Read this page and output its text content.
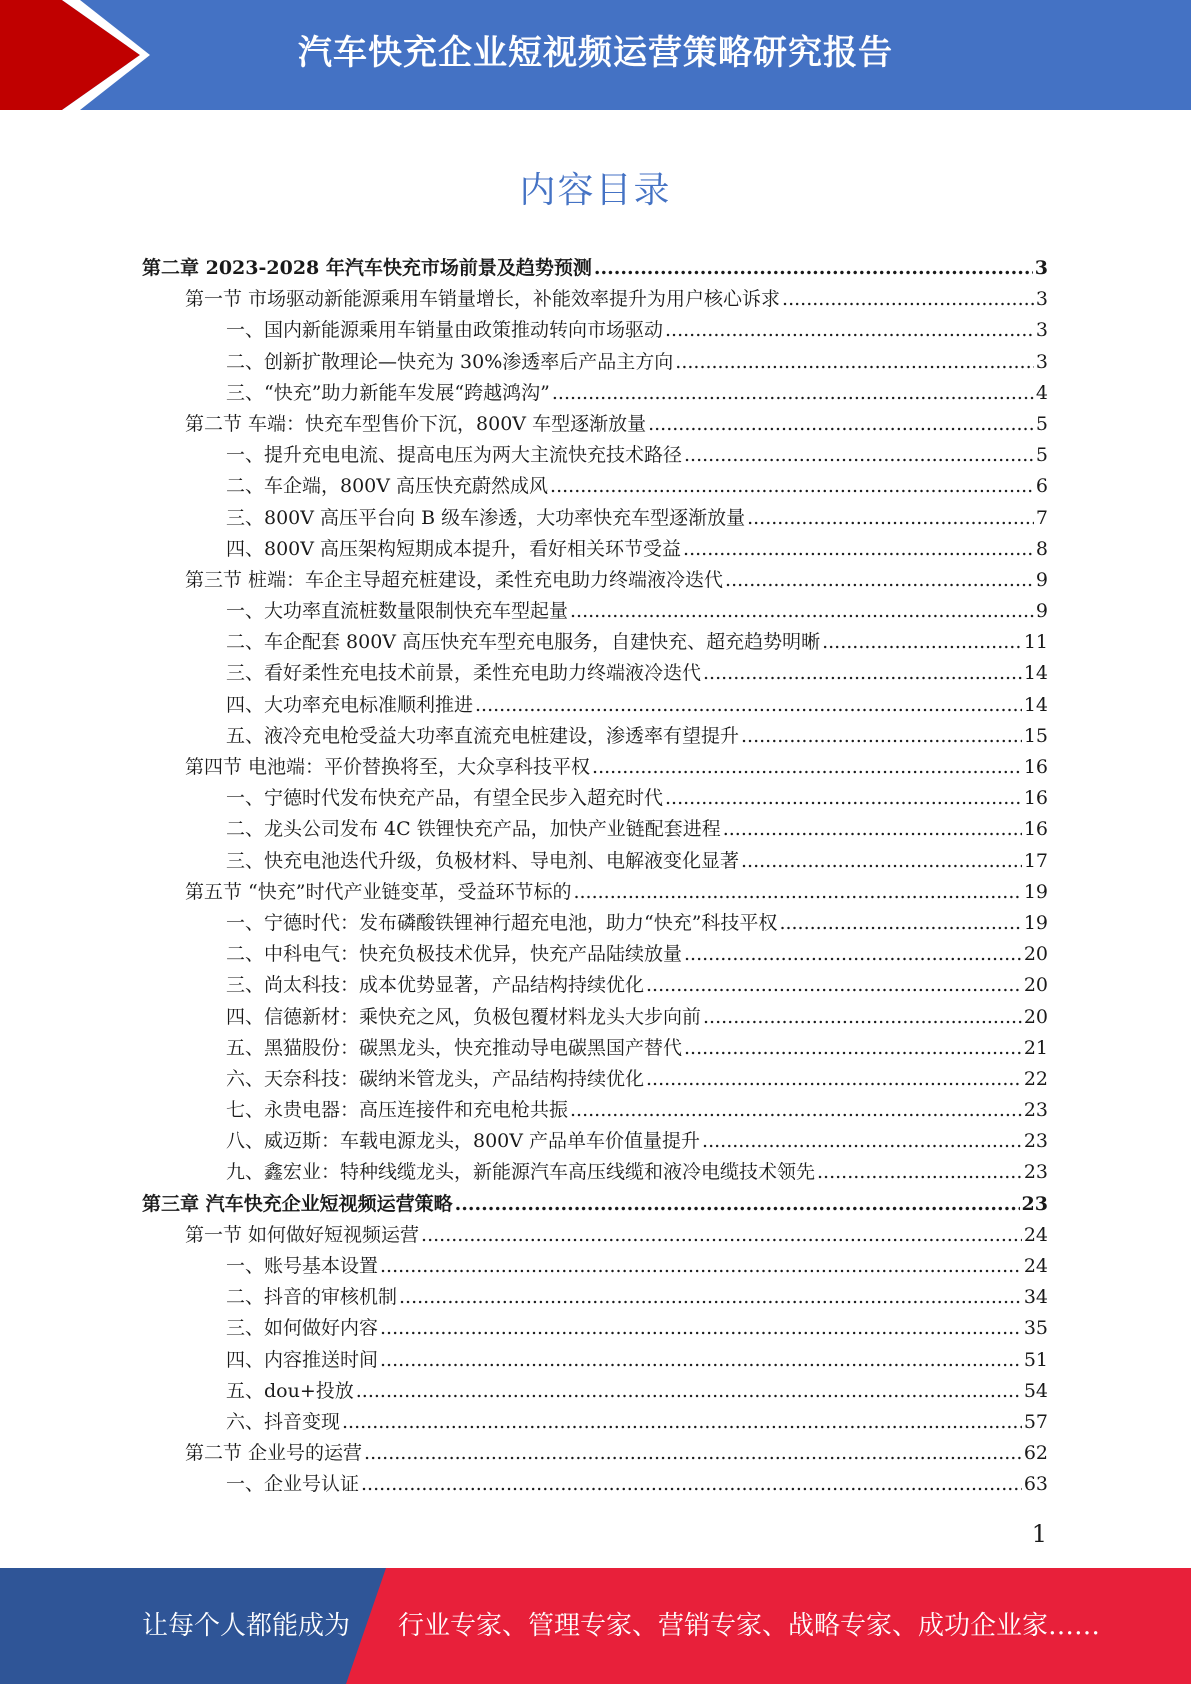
汽车快充企业短视频运营策略研究报告
内容目录
第二章 2023-2028 年汽车快充市场前景及趋势预测 .....	3
第一节 市场驱动新能源乘用车销量增长，补能效率提升为用户核心诉求 .....	3
一、国内新能源乘用车销量由政策推动转向市场驱动 .....	3
二、创新扩散理论—快充为 30%渗透率后产品主方向 .....	3
三、“快充”助力新能车发展“跨越鸿沟” .....	4
第二节 车端：快充车型售价下沉，800V 车型逐渐放量 .....	5
一、提升充电电流、提高电压为两大主流快充技术路径 .....	5
二、车企端，800V 高压快充蔚然成风 .....	6
三、800V 高压平台向 B 级车渗透，大功率快充车型逐渐放量 .....	7
四、800V 高压架构短期成本提升，看好相关环节受益 .....	8
第三节 桩端：车企主导超充桩建设，柔性充电助力终端液冷迭代 .....	9
一、大功率直流桩数量限制快充车型起量 .....	9
二、车企配套 800V 高压快充车型充电服务，自建快充、超充趋势明晰 .....	11
三、看好柔性充电技术前景，柔性充电助力终端液冷迭代 .....	14
四、大功率充电标准顺利推进 .....	14
五、液冷充电枪受益大功率直流充电桩建设，渗透率有望提升 .....	15
第四节 电池端：平价替换将至，大众享科技平权 .....	16
一、宁德时代发布快充产品，有望全民步入超充时代 .....	16
二、龙头公司发布 4C 铁锂快充产品，加快产业链配套进程 .....	16
三、快充电池迭代升级，负极材料、导电剂、电解液变化显著 .....	17
第五节 “快充”时代产业链变革，受益环节标的 .....	19
一、宁德时代：发布磷酸铁锂神行超充电池，助力“快充”科技平权 .....	19
二、中科电气：快充负极技术优异，快充产品陆续放量 .....	20
三、尚太科技：成本优势显著，产品结构持续优化 .....	20
四、信德新材：乘快充之风，负极包覆材料龙头大步向前 .....	20
五、黑猫股份：碳黑龙头，快充推动导电碳黑国产替代 .....	21
六、天奈科技：碳纳米管龙头，产品结构持续优化 .....	22
七、永贵电器：高压连接件和充电枪共振 .....	23
八、威迈斯：车载电源龙头，800V 产品单车价值量提升 .....	23
九、鑫宏业：特种线缆龙头，新能源汽车高压线缆和液冷电缆技术领先 .....	23
第三章 汽车快充企业短视频运营策略 .....	23
第一节 如何做好短视频运营 .....	24
一、账号基本设置 .....	24
二、抖音的审核机制 .....	34
三、如何做好内容 .....	35
四、内容推送时间 .....	51
五、dou+投放 .....	54
六、抖音变现 .....	57
第二节 企业号的运营 .....	62
一、企业号认证 .....	63
1
让每个人都能成为 行业专家、管理专家、营销专家、战略专家、成功企业家……
